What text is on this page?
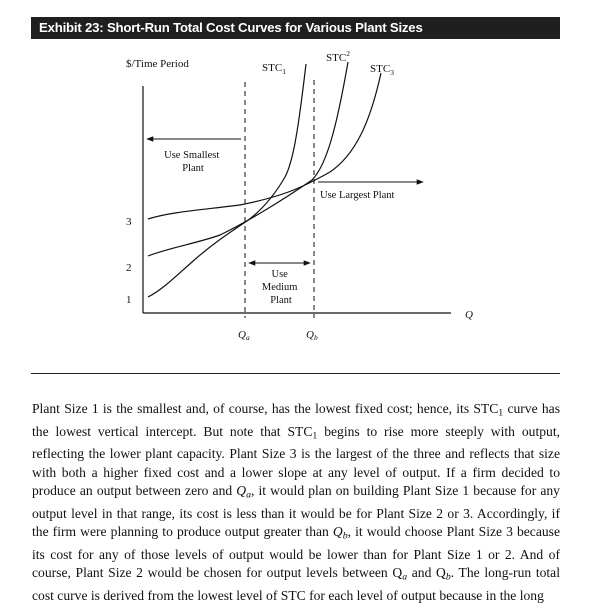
Exhibit 23: Short-Run Total Cost Curves for Various Plant Sizes
$/Time Period
Q
$STC_1$
STC$^2$
$STC_3$
1
2
3
Qa	Qb
Use Smallest Plant
Use Medium Plant
Use Largest Plant

Plant Size 1 is the smallest and, of course, has the lowest fixed cost; hence, its $STC_1$ curve has the lowest vertical intercept. But note that $STC_1$ begins to rise more steeply with output, reflecting the lower plant capacity. Plant Size 3 is the largest of the three and reflects that size with both a higher fixed cost and a lower slope at any level of output. If a firm decided to produce an output between zero and $Q_a$, it would plan on building Plant Size 1 because for any output level in that range, its cost is less than it would be for Plant Size 2 or 3. Accordingly, if the firm were planning to produce output greater than $Q_b$, it would choose Plant Size 3 because its cost for any of those levels of output would be lower than for Plant Size 1 or 2. And of course, Plant Size 2 would be chosen for output levels between $Q_a$ and $Q_b$. The long-run total cost curve is derived from the lowest level of STC for each level of output because in the long
